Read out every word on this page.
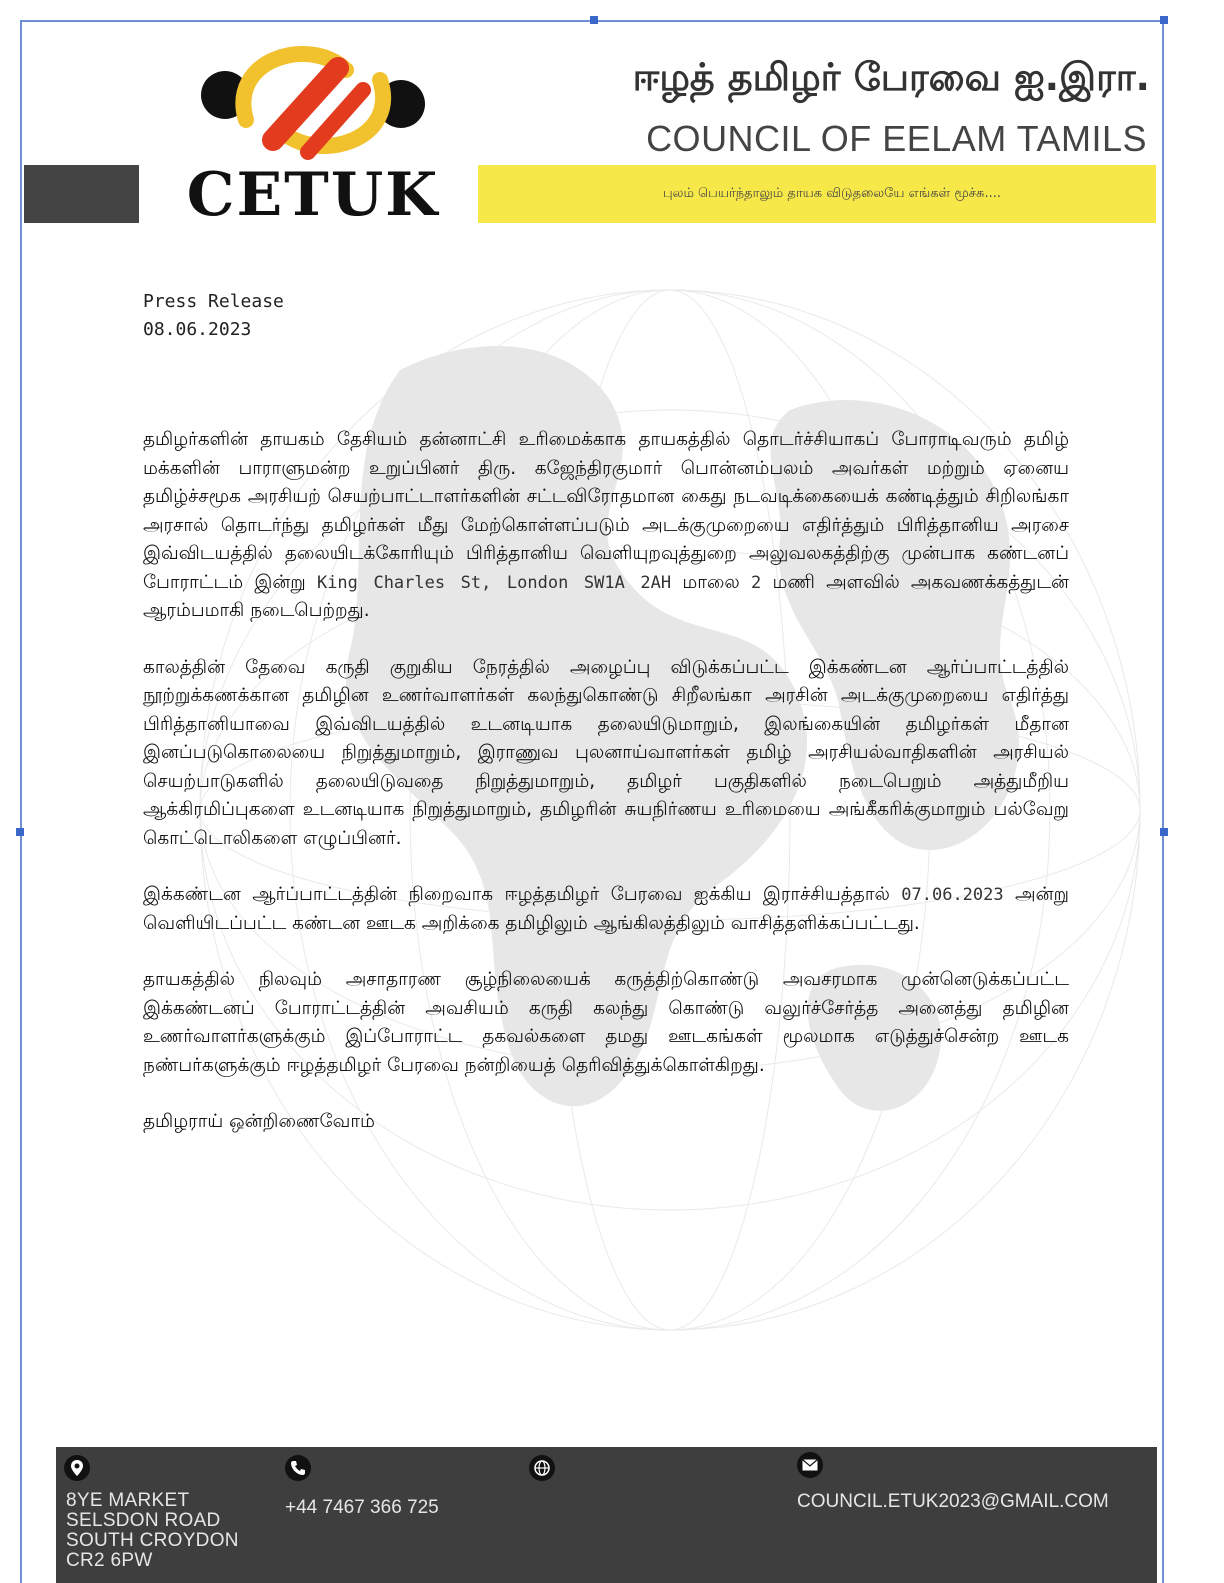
CETUK
ஈழத் தமிழர் பேரவை ஐ.இரா.
COUNCIL OF EELAM TAMILS
புலம் பெயர்ந்தாலும் தாயக விடுதலையே எங்கள் மூச்சு....
Press Release
08.06.2023

தமிழர்களின் தாயகம் தேசியம் தன்னாட்சி உரிமைக்காக தாயகத்தில் தொடர்ச்சியாகப் போராடிவரும் தமிழ் மக்களின் பாராளுமன்ற உறுப்பினர் திரு. கஜேந்திரகுமார் பொன்னம்பலம் அவர்கள் மற்றும் ஏனைய தமிழ்ச்சமூக அரசியற் செயற்பாட்டாளர்களின் சட்டவிரோதமான கைது நடவடிக்கையைக் கண்டித்தும் சிறிலங்கா அரசால் தொடர்ந்து தமிழர்கள் மீது மேற்கொள்ளப்படும் அடக்குமுறையை எதிர்த்தும் பிரித்தானிய அரசை இவ்விடயத்தில் தலையிடக்கோரியும் பிரித்தானிய வெளியுறவுத்துறை அலுவலகத்திற்கு முன்பாக கண்டனப் போராட்டம் இன்று King Charles St, London SW1A 2AH மாலை 2 மணி அளவில் அகவணக்கத்துடன் ஆரம்பமாகி நடைபெற்றது.

காலத்தின் தேவை கருதி குறுகிய நேரத்தில் அழைப்பு விடுக்கப்பட்ட இக்கண்டன ஆர்ப்பாட்டத்தில் நூற்றுக்கணக்கான தமிழின உணர்வாளர்கள் கலந்துகொண்டு சிறீலங்கா அரசின் அடக்குமுறையை எதிர்த்து பிரித்தானியாவை இவ்விடயத்தில் உடனடியாக தலையிடுமாறும், இலங்கையின் தமிழர்கள் மீதான இனப்படுகொலையை நிறுத்துமாறும், இராணுவ புலனாய்வாளர்கள் தமிழ் அரசியல்வாதிகளின் அரசியல் செயற்பாடுகளில் தலையிடுவதை நிறுத்துமாறும், தமிழர் பகுதிகளில் நடைபெறும் அத்துமீறிய ஆக்கிரமிப்புகளை உடனடியாக நிறுத்துமாறும், தமிழரின் சுயநிர்ணய உரிமையை அங்கீகரிக்குமாறும் பல்வேறு கொட்டொலிகளை எழுப்பினர்.

இக்கண்டன ஆர்ப்பாட்டத்தின் நிறைவாக ஈழத்தமிழர் பேரவை ஐக்கிய இராச்சியத்தால் 07.06.2023 அன்று வெளியிடப்பட்ட கண்டன ஊடக அறிக்கை தமிழிலும் ஆங்கிலத்திலும் வாசித்தளிக்கப்பட்டது.

தாயகத்தில் நிலவும் அசாதாரண சூழ்நிலையைக் கருத்திற்கொண்டு அவசரமாக முன்னெடுக்கப்பட்ட இக்கண்டனப் போராட்டத்தின் அவசியம் கருதி கலந்து கொண்டு வலுர்ச்சேர்த்த அனைத்து தமிழின உணர்வாளர்களுக்கும் இப்போராட்ட தகவல்களை தமது ஊடகங்கள் மூலமாக எடுத்துச்சென்ற ஊடக நண்பர்களுக்கும் ஈழத்தமிழர் பேரவை நன்றியைத் தெரிவித்துக்கொள்கிறது.

தமிழராய் ஒன்றிணைவோம்

8YE MARKET
SELSDON ROAD
SOUTH CROYDON
CR2 6PW
+44 7467 366 725	COUNCIL.ETUK2023@GMAIL.COM
